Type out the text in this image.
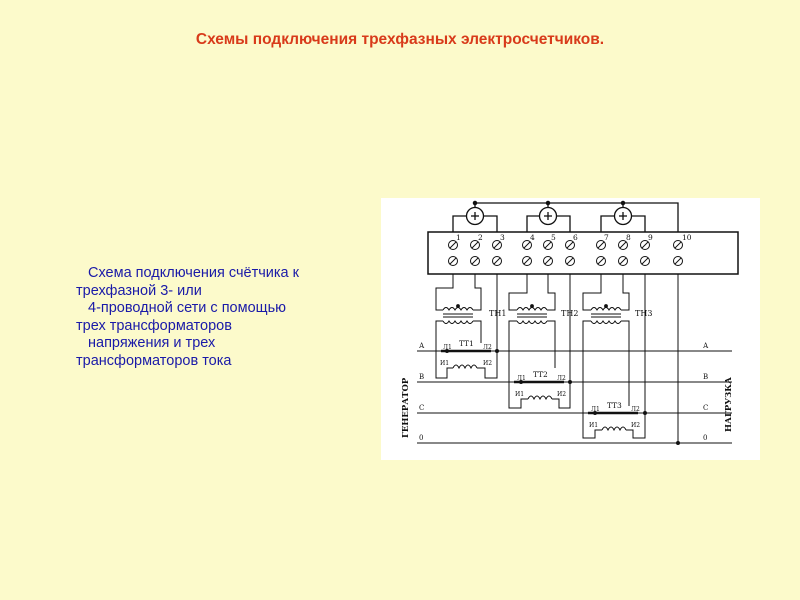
Схемы подключения трехфазных электросчетчиков.

Схема подключения счётчика к

трехфазной 3- или

4-проводной сети с помощью

трех трансформаторов

напряжения и трех

трансформаторов тока

1 2 3	4 5 6	7 8 9	10
ТН1	ТН2	ТН3
ТТ1
ТТ2
ТТ3
Л1	Л2
И1	И2
Л1	Л2
И1	И2
Л1	Л2
И1	И2
А
В
С
0
А
В
С
0
ГЕНЕРАТОР	НАГРУЗКА
